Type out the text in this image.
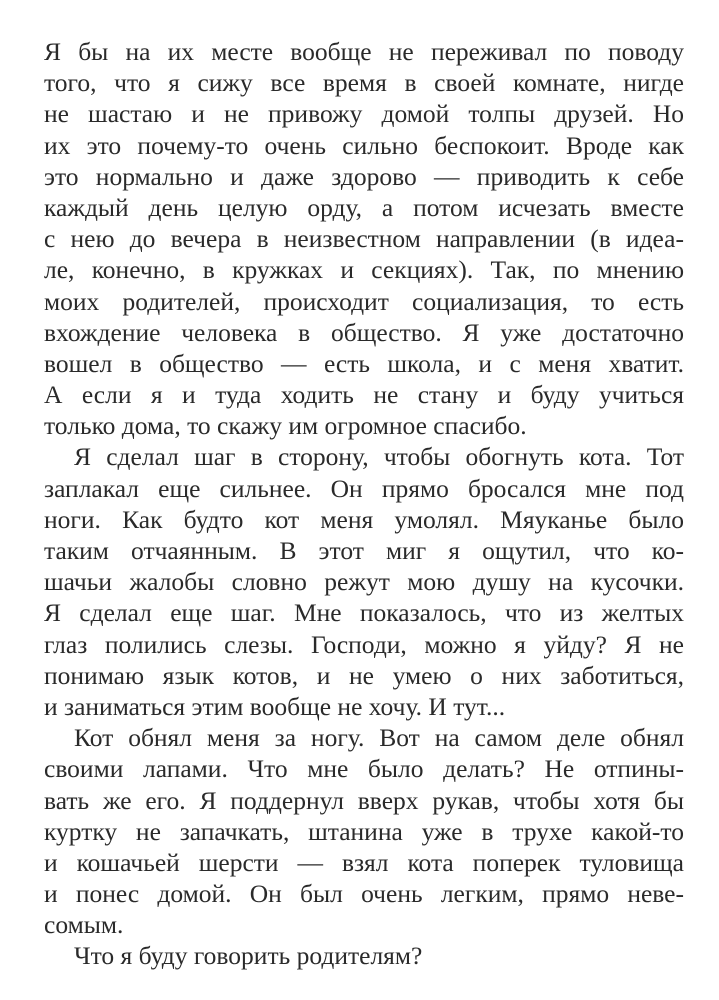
Я бы на их месте вообще не переживал по поводу
того, что я сижу все время в своей комнате, нигде
не шастаю и не привожу домой толпы друзей. Но
их это почему-то очень сильно беспокоит. Вроде как
это нормально и даже здорово — приводить к себе
каждый день целую орду, а потом исчезать вместе
с нею до вечера в неизвестном направлении (в идеа-
ле, конечно, в кружках и секциях). Так, по мнению
моих родителей, происходит социализация, то есть
вхождение человека в общество. Я уже достаточно
вошел в общество — есть школа, и с меня хватит.
А если я и туда ходить не стану и буду учиться
только дома, то скажу им огромное спасибо.
Я сделал шаг в сторону, чтобы обогнуть кота. Тот
заплакал еще сильнее. Он прямо бросался мне под
ноги. Как будто кот меня умолял. Мяуканье было
таким отчаянным. В этот миг я ощутил, что ко-
шачьи жалобы словно режут мою душу на кусочки.
Я сделал еще шаг. Мне показалось, что из желтых
глаз полились слезы. Господи, можно я уйду? Я не
понимаю язык котов, и не умею о них заботиться,
и заниматься этим вообще не хочу. И тут...
Кот обнял меня за ногу. Вот на самом деле обнял
своими лапами. Что мне было делать? Не отпины-
вать же его. Я поддернул вверх рукав, чтобы хотя бы
куртку не запачкать, штанина уже в трухе какой-то
и кошачьей шерсти — взял кота поперек туловища
и понес домой. Он был очень легким, прямо неве-
сомым.
Что я буду говорить родителям?
